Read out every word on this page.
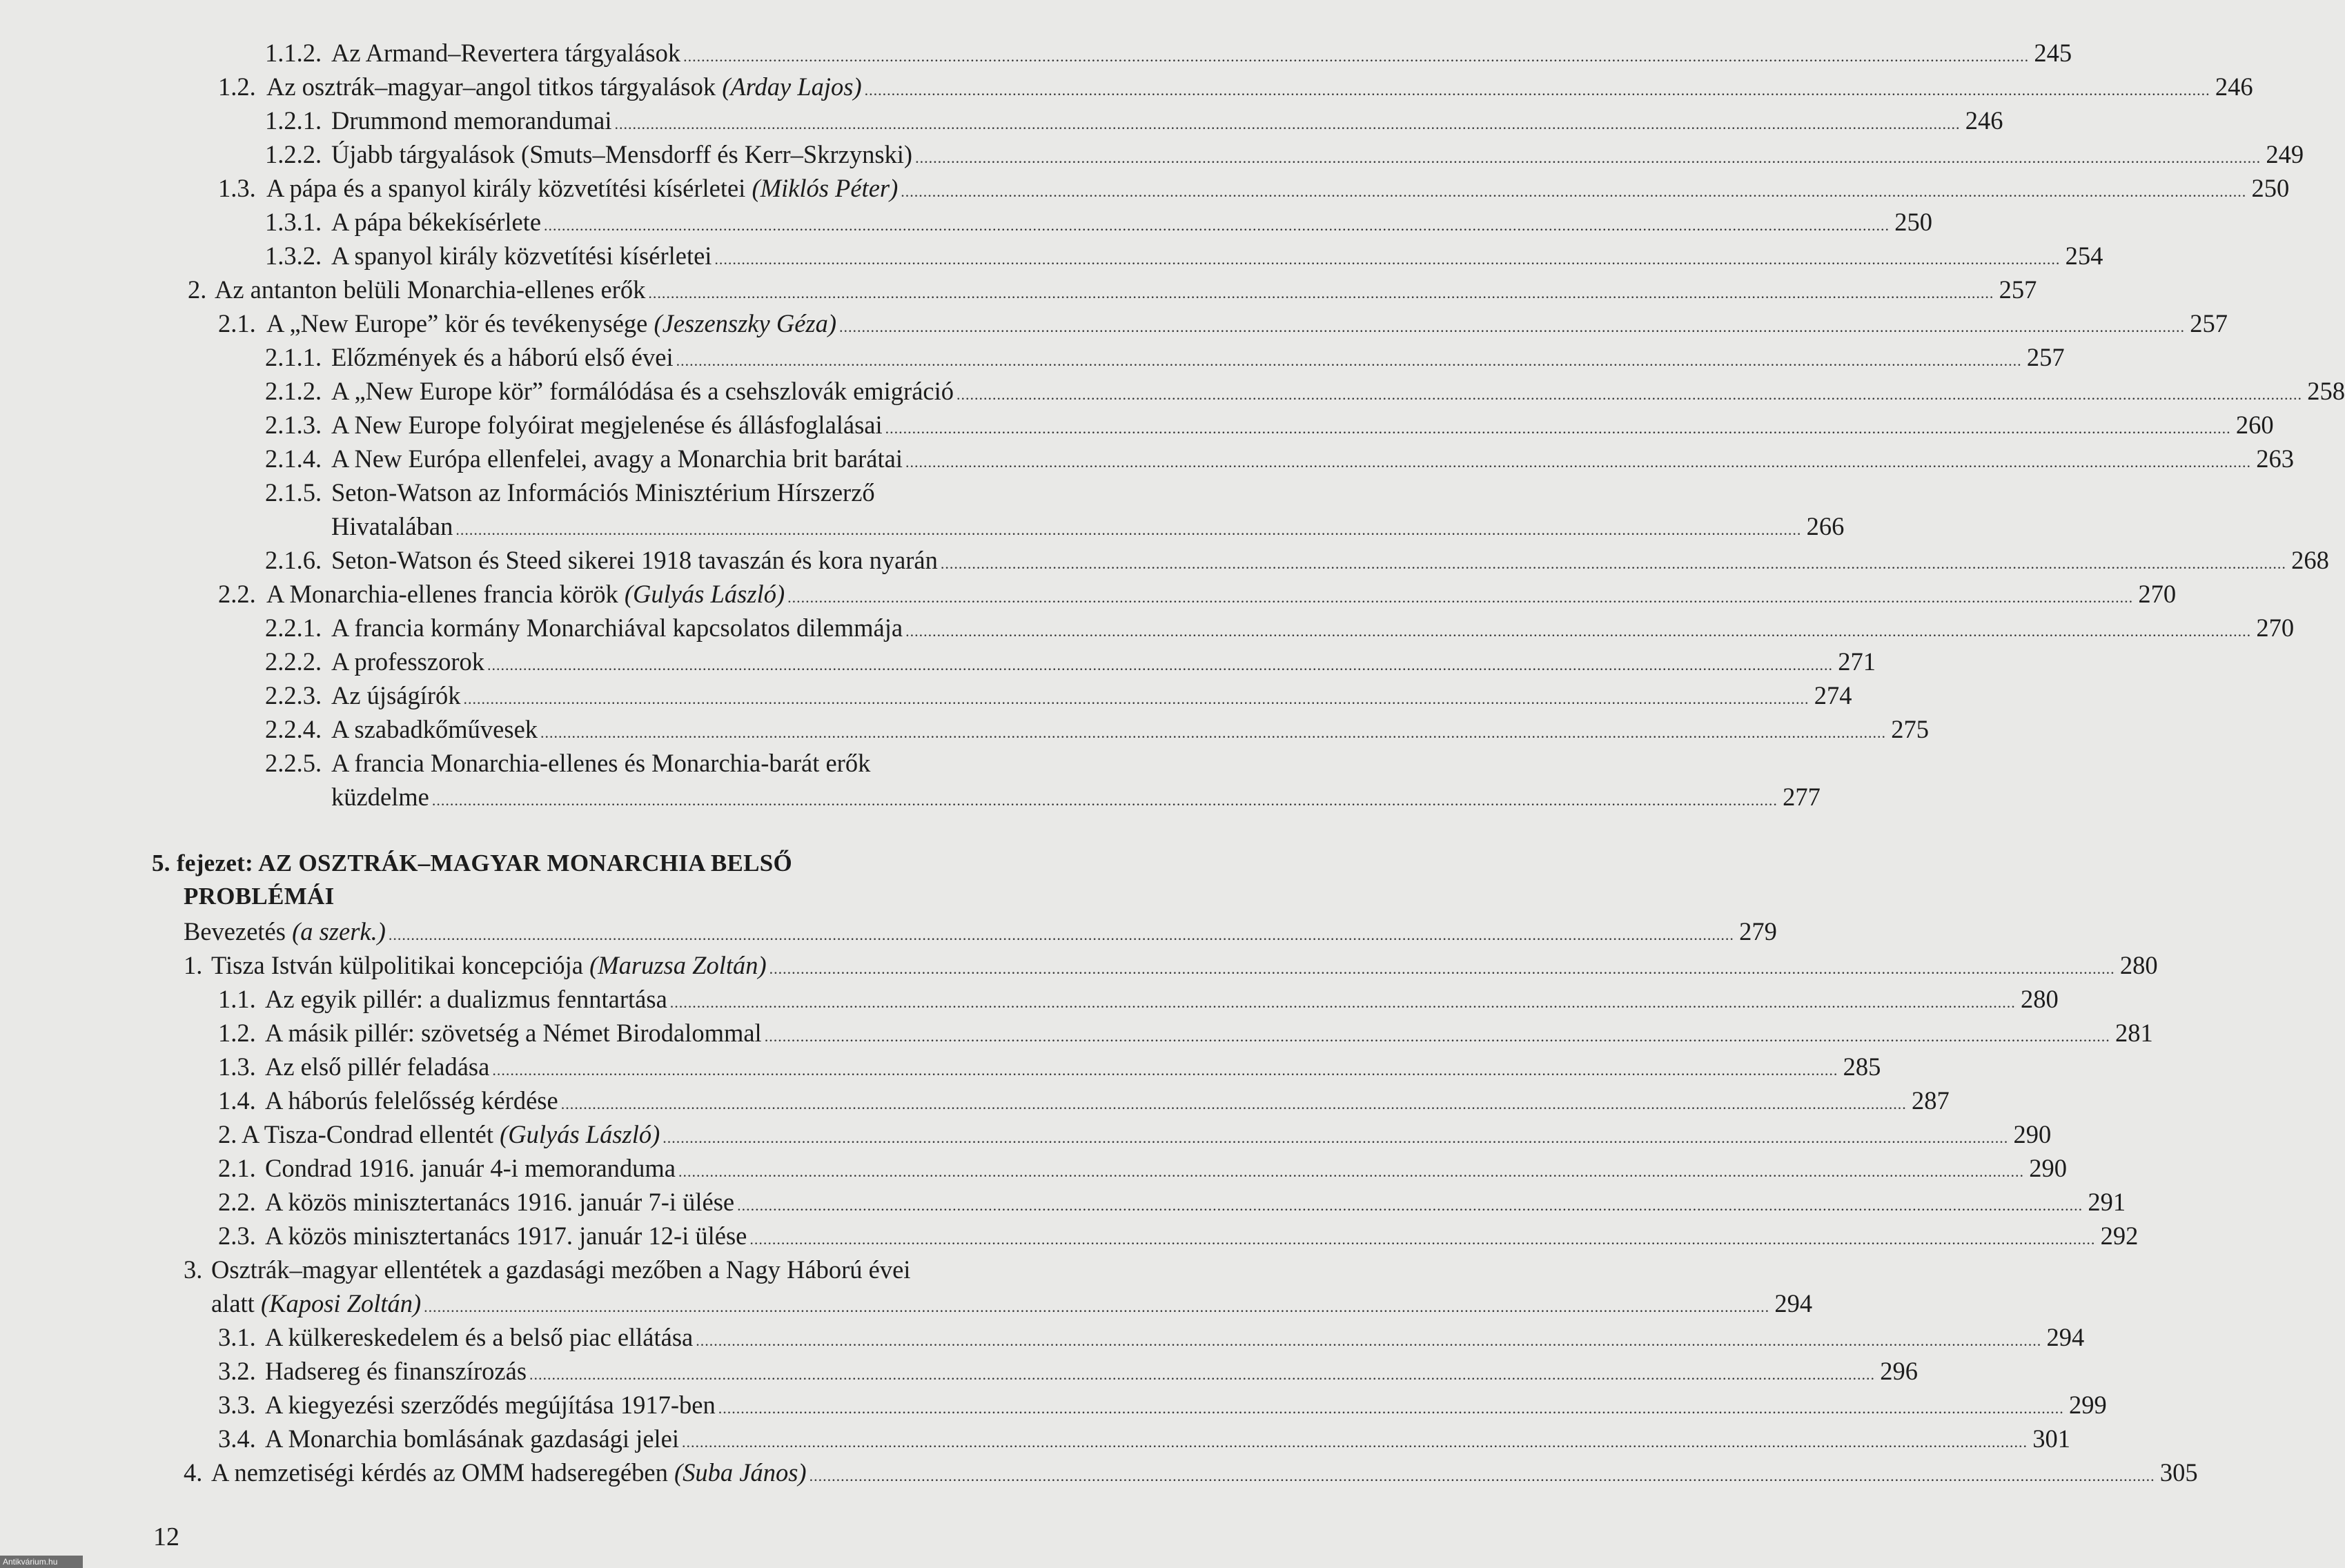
1.1.2. Az Armand–Revertera tárgyalások ............................................................................................................................................................................................................................................................................................................ 245
1.2. Az osztrák–magyar–angol titkos tárgyalások (Arday Lajos) ............................................................................................................................................................................................................................................................................................................ 246
1.2.1. Drummond memorandumai ............................................................................................................................................................................................................................................................................................................ 246
1.2.2. Újabb tárgyalások (Smuts–Mensdorff és Kerr–Skrzynski) ............................................................................................................................................................................................................................................................................................................ 249
1.3. A pápa és a spanyol király közvetítési kísérletei (Miklós Péter) ............................................................................................................................................................................................................................................................................................................ 250
1.3.1. A pápa békekísérlete ............................................................................................................................................................................................................................................................................................................ 250
1.3.2. A spanyol király közvetítési kísérletei ............................................................................................................................................................................................................................................................................................................ 254
2. Az antanton belüli Monarchia-ellenes erők ............................................................................................................................................................................................................................................................................................................ 257
2.1. A „New Europe” kör és tevékenysége (Jeszenszky Géza) ............................................................................................................................................................................................................................................................................................................ 257
2.1.1. Előzmények és a háború első évei ............................................................................................................................................................................................................................................................................................................ 257
2.1.2. A „New Europe kör” formálódása és a csehszlovák emigráció ............................................................................................................................................................................................................................................................................................................ 258
2.1.3. A New Europe folyóirat megjelenése és állásfoglalásai ............................................................................................................................................................................................................................................................................................................ 260
2.1.4. A New Európa ellenfelei, avagy a Monarchia brit barátai ............................................................................................................................................................................................................................................................................................................ 263
2.1.5. Seton-Watson az Információs Minisztérium Hírszerző
Hivatalában ............................................................................................................................................................................................................................................................................................................ 266
2.1.6. Seton-Watson és Steed sikerei 1918 tavaszán és kora nyarán ............................................................................................................................................................................................................................................................................................................ 268
2.2. A Monarchia-ellenes francia körök (Gulyás László) ............................................................................................................................................................................................................................................................................................................ 270
2.2.1. A francia kormány Monarchiával kapcsolatos dilemmája ............................................................................................................................................................................................................................................................................................................ 270
2.2.2. A professzorok ............................................................................................................................................................................................................................................................................................................ 271
2.2.3. Az újságírók ............................................................................................................................................................................................................................................................................................................ 274
2.2.4. A szabadkőművesek ............................................................................................................................................................................................................................................................................................................ 275
2.2.5. A francia Monarchia-ellenes és Monarchia-barát erők
küzdelme ............................................................................................................................................................................................................................................................................................................ 277
Bevezetés (a szerk.) ............................................................................................................................................................................................................................................................................................................ 279
1. Tisza István külpolitikai koncepciója (Maruzsa Zoltán) ............................................................................................................................................................................................................................................................................................................ 280
1.1. Az egyik pillér: a dualizmus fenntartása ............................................................................................................................................................................................................................................................................................................ 280
1.2. A másik pillér: szövetség a Német Birodalommal ............................................................................................................................................................................................................................................................................................................ 281
1.3. Az első pillér feladása ............................................................................................................................................................................................................................................................................................................ 285
1.4. A háborús felelősség kérdése ............................................................................................................................................................................................................................................................................................................ 287
2. A Tisza-Condrad ellentét (Gulyás László) ............................................................................................................................................................................................................................................................................................................ 290
2.1. Condrad 1916. január 4-i memoranduma ............................................................................................................................................................................................................................................................................................................ 290
2.2. A közös minisztertanács 1916. január 7-i ülése ............................................................................................................................................................................................................................................................................................................ 291
2.3. A közös minisztertanács 1917. január 12-i ülése ............................................................................................................................................................................................................................................................................................................ 292
3. Osztrák–magyar ellentétek a gazdasági mezőben a Nagy Háború évei
alatt (Kaposi Zoltán) ............................................................................................................................................................................................................................................................................................................ 294
3.1. A külkereskedelem és a belső piac ellátása ............................................................................................................................................................................................................................................................................................................ 294
3.2. Hadsereg és finanszírozás ............................................................................................................................................................................................................................................................................................................ 296
3.3. A kiegyezési szerződés megújítása 1917-ben ............................................................................................................................................................................................................................................................................................................ 299
3.4. A Monarchia bomlásának gazdasági jelei ............................................................................................................................................................................................................................................................................................................ 301
4. A nemzetiségi kérdés az OMM hadseregében (Suba János) ............................................................................................................................................................................................................................................................................................................ 305
5. fejezet: AZ OSZTRÁK–MAGYAR MONARCHIA BELSŐ
PROBLÉMÁI
12
Antikvárium.hu
